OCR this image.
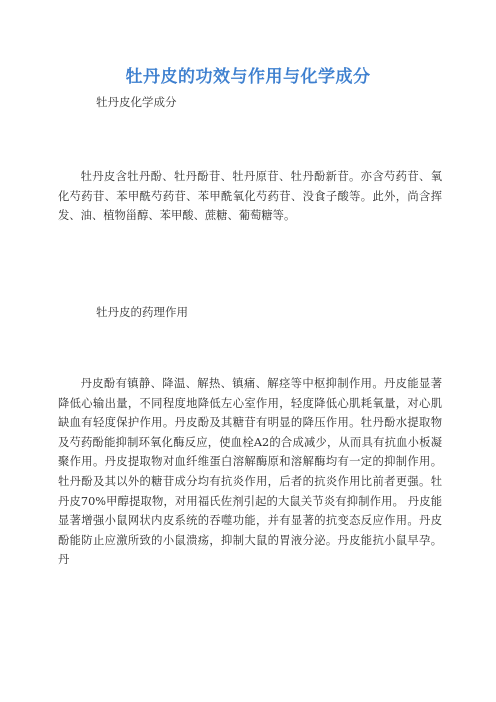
牡丹皮的功效与作用与化学成分
牡丹皮化学成分
牡丹皮含牡丹酚、牡丹酚苷、牡丹原苷、牡丹酚新苷。亦含芍药苷、氧化芍药苷、苯甲酰芍药苷、苯甲酰氧化芍药苷、没食子酸等。此外，尚含挥发、油、植物甾醇、苯甲酸、蔗糖、葡萄糖等。
牡丹皮的药理作用
丹皮酚有镇静、降温、解热、镇痛、解痉等中枢抑制作用。丹皮能显著降低心输出量，不同程度地降低左心室作用，轻度降低心肌耗氧量，对心肌缺血有轻度保护作用。丹皮酚及其糖苷有明显的降压作用。牡丹酚水提取物及芍药酚能抑制环氧化酶反应，使血栓A2的合成减少，从而具有抗血小板凝聚作用。丹皮提取物对血纤维蛋白溶解酶原和溶解酶均有一定的抑制作用。牡丹酚及其以外的糖苷成分均有抗炎作用，后者的抗炎作用比前者更强。牡丹皮70%甲醇提取物，对用福氏佐剂引起的大鼠关节炎有抑制作用。 丹皮能显著增强小鼠网状内皮系统的吞噬功能，并有显著的抗变态反应作用。丹皮酚能防止应激所致的小鼠溃疡，抑制大鼠的胃液分泌。丹皮能抗小鼠早孕。丹
